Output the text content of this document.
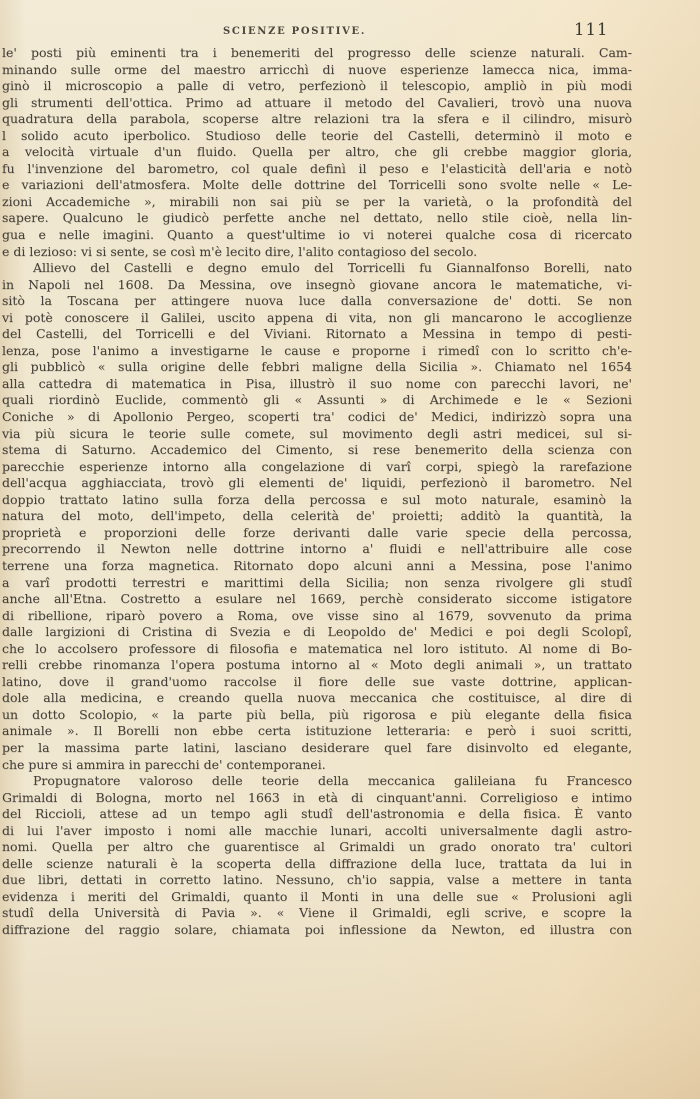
SCIENZE POSITIVE.	111
le' posti più eminenti tra i benemeriti del progresso delle scienze naturali. Cam-
minando sulle orme del maestro arricchì di nuove esperienze lamecca nica, imma-
ginò il microscopio a palle di vetro, perfezionò il telescopio, ampliò in più modi
gli strumenti dell'ottica. Primo ad attuare il metodo del Cavalieri, trovò una nuova
quadratura della parabola, scoperse altre relazioni tra la sfera e il cilindro, misurò
l solido acuto iperbolico. Studioso delle teorie del Castelli, determinò il moto e
a velocità virtuale d'un fluido. Quella per altro, che gli crebbe maggior gloria,
fu l'invenzione del barometro, col quale definì il peso e l'elasticità dell'aria e notò
e variazioni dell'atmosfera. Molte delle dottrine del Torricelli sono svolte nelle « Le-
zioni Accademiche », mirabili non sai più se per la varietà, o la profondità del
sapere. Qualcuno le giudicò perfette anche nel dettato, nello stile cioè, nella lin-
gua e nelle imagini. Quanto a quest'ultime io vi noterei qualche cosa di ricercato
e di lezioso: vi si sente, se così m'è lecito dire, l'alito contagioso del secolo.
Allievo del Castelli e degno emulo del Torricelli fu Giannalfonso Borelli, nato
in Napoli nel 1608. Da Messina, ove insegnò giovane ancora le matematiche, vi-
sitò la Toscana per attingere nuova luce dalla conversazione de' dotti. Se non
vi potè conoscere il Galilei, uscito appena di vita, non gli mancarono le accoglienze
del Castelli, del Torricelli e del Viviani. Ritornato a Messina in tempo di pesti-
lenza, pose l'animo a investigarne le cause e proporne i rimedî con lo scritto ch'e-
gli pubblicò « sulla origine delle febbri maligne della Sicilia ». Chiamato nel 1654
alla cattedra di matematica in Pisa, illustrò il suo nome con parecchi lavori, ne'
quali riordinò Euclide, commentò gli « Assunti » di Archimede e le « Sezioni
Coniche » di Apollonio Pergeo, scoperti tra' codici de' Medici, indirizzò sopra una
via più sicura le teorie sulle comete, sul movimento degli astri medicei, sul si-
stema di Saturno. Accademico del Cimento, si rese benemerito della scienza con
parecchie esperienze intorno alla congelazione di varî corpi, spiegò la rarefazione
dell'acqua agghiacciata, trovò gli elementi de' liquidi, perfezionò il barometro. Nel
doppio trattato latino sulla forza della percossa e sul moto naturale, esaminò la
natura del moto, dell'impeto, della celerità de' proietti; additò la quantità, la
proprietà e proporzioni delle forze derivanti dalle varie specie della percossa,
precorrendo il Newton nelle dottrine intorno a' fluidi e nell'attribuire alle cose
terrene una forza magnetica. Ritornato dopo alcuni anni a Messina, pose l'animo
a varî prodotti terrestri e marittimi della Sicilia; non senza rivolgere gli studî
anche all'Etna. Costretto a esulare nel 1669, perchè considerato siccome istigatore
di ribellione, riparò povero a Roma, ove visse sino al 1679, sovvenuto da prima
dalle largizioni di Cristina di Svezia e di Leopoldo de' Medici e poi degli Scolopî,
che lo accolsero professore di filosofia e matematica nel loro istituto. Al nome di Bo-
relli crebbe rinomanza l'opera postuma intorno al « Moto degli animali », un trattato
latino, dove il grand'uomo raccolse il fiore delle sue vaste dottrine, applican-
dole alla medicina, e creando quella nuova meccanica che costituisce, al dire di
un dotto Scolopio, « la parte più bella, più rigorosa e più elegante della fisica
animale ». Il Borelli non ebbe certa istituzione letteraria: e però i suoi scritti,
per la massima parte latini, lasciano desiderare quel fare disinvolto ed elegante,
che pure si ammira in parecchi de' contemporanei.
Propugnatore valoroso delle teorie della meccanica galileiana fu Francesco
Grimaldi di Bologna, morto nel 1663 in età di cinquant'anni. Correligioso e intimo
del Riccioli, attese ad un tempo agli studî dell'astronomia e della fisica. È vanto
di lui l'aver imposto i nomi alle macchie lunari, accolti universalmente dagli astro-
nomi. Quella per altro che guarentisce al Grimaldi un grado onorato tra' cultori
delle scienze naturali è la scoperta della diffrazione della luce, trattata da lui in
due libri, dettati in corretto latino. Nessuno, ch'io sappia, valse a mettere in tanta
evidenza i meriti del Grimaldi, quanto il Monti in una delle sue « Prolusioni agli
studî della Università di Pavia ». « Viene il Grimaldi, egli scrive, e scopre la
diffrazione del raggio solare, chiamata poi inflessione da Newton, ed illustra con
